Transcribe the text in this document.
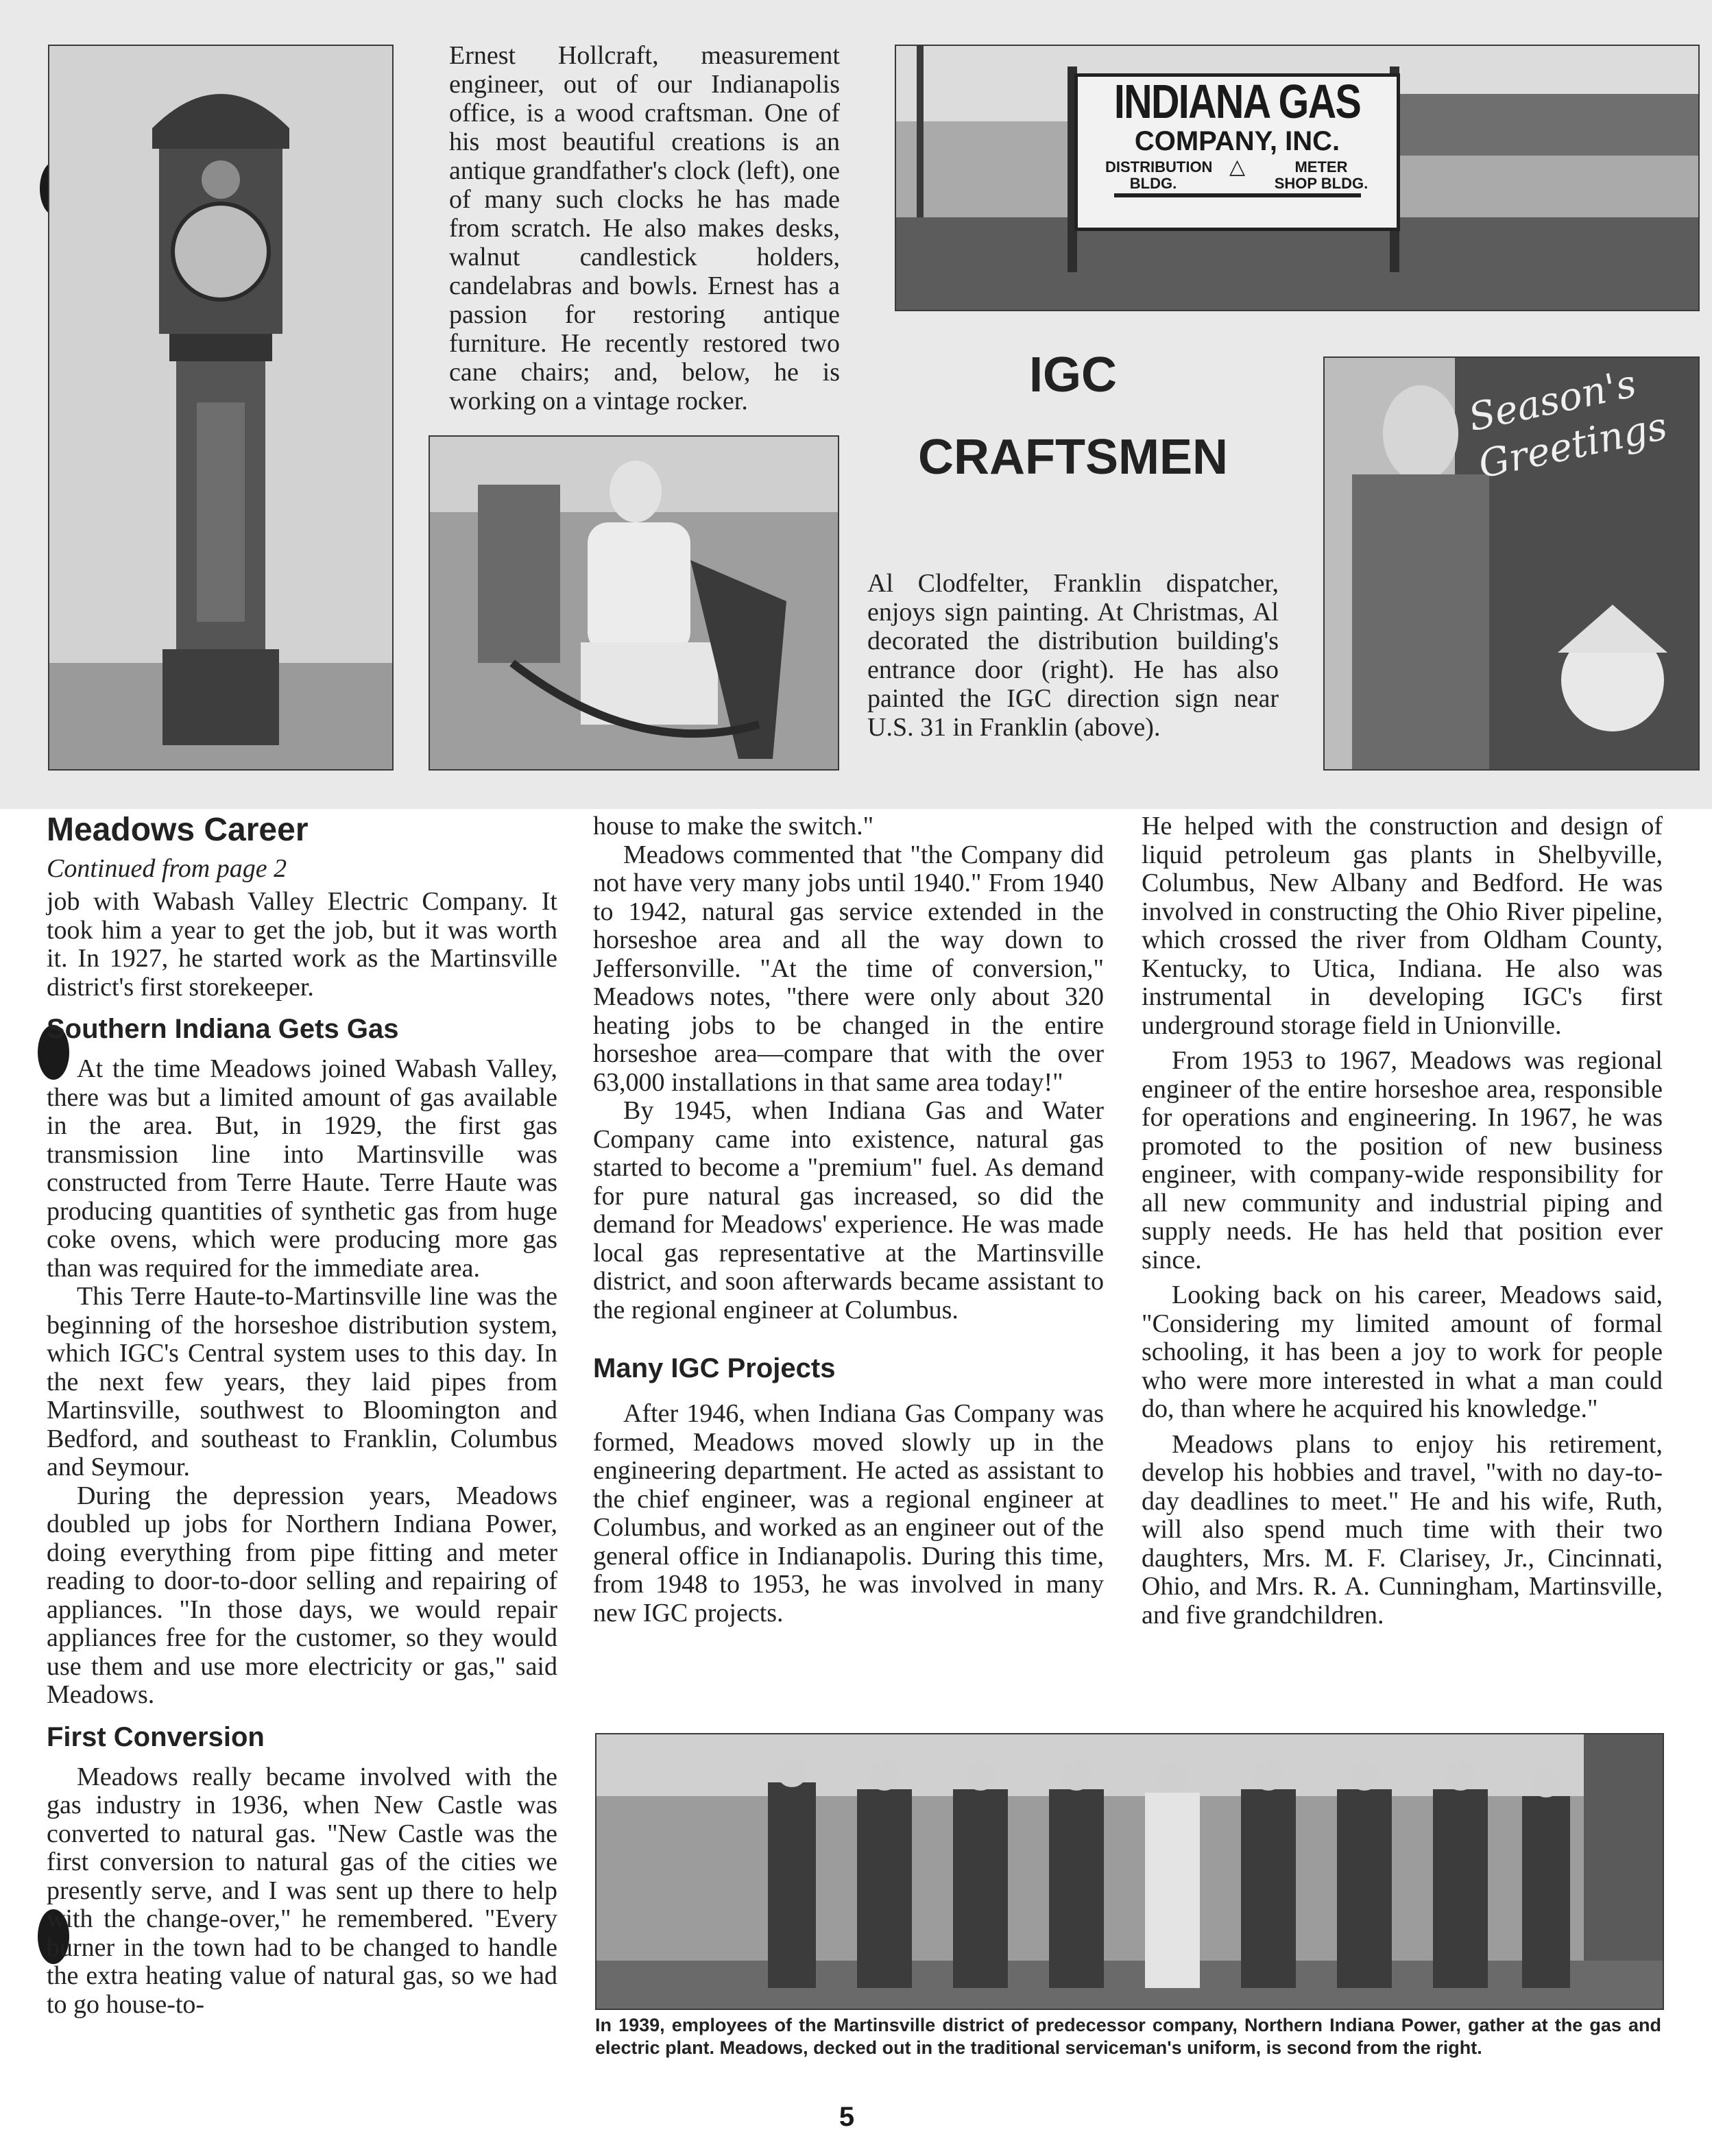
Ernest Hollcraft, measurement engineer, out of our Indianapolis office, is a wood craftsman. One of his most beautiful creations is an antique grandfather's clock (left), one of many such clocks he has made from scratch. He also makes desks, walnut candlestick holders, candelabras and bowls. Ernest has a passion for restoring antique furniture. He recently restored two cane chairs; and, below, he is working on a vintage rocker.
INDIANA GAS
COMPANY, INC.
DISTRIBUTION BLDG.
△	METER SHOP BLDG.
IGC
CRAFTSMEN
Al Clodfelter, Franklin dispatcher, enjoys sign painting. At Christmas, Al decorated the distribution building's entrance door (right). He has also painted the IGC direction sign near U.S. 31 in Franklin (above).
Season's Greetings
Meadows Career
Continued from page 2

job with Wabash Valley Electric Company. It took him a year to get the job, but it was worth it. In 1927, he started work as the Martinsville district's first storekeeper.

Southern Indiana Gets Gas

At the time Meadows joined Wabash Valley, there was but a limited amount of gas available in the area. But, in 1929, the first gas transmission line into Martinsville was constructed from Terre Haute. Terre Haute was producing quantities of synthetic gas from huge coke ovens, which were producing more gas than was required for the immediate area.

This Terre Haute-to-Martinsville line was the beginning of the horseshoe distribution system, which IGC's Central system uses to this day. In the next few years, they laid pipes from Martinsville, southwest to Bloomington and Bedford, and southeast to Franklin, Columbus and Seymour.

During the depression years, Meadows doubled up jobs for Northern Indiana Power, doing everything from pipe fitting and meter reading to door-to-door selling and repairing of appliances. "In those days, we would repair appliances free for the customer, so they would use them and use more electricity or gas," said Meadows.

First Conversion

Meadows really became involved with the gas industry in 1936, when New Castle was converted to natural gas. "New Castle was the first conversion to natural gas of the cities we presently serve, and I was sent up there to help with the change-over," he remembered. "Every burner in the town had to be changed to handle the extra heating value of natural gas, so we had to go house-to-

house to make the switch."

Meadows commented that "the Company did not have very many jobs until 1940." From 1940 to 1942, natural gas service extended in the horseshoe area and all the way down to Jeffersonville. "At the time of conversion," Meadows notes, "there were only about 320 heating jobs to be changed in the entire horseshoe area—compare that with the over 63,000 installations in that same area today!"

By 1945, when Indiana Gas and Water Company came into existence, natural gas started to become a "premium" fuel. As demand for pure natural gas increased, so did the demand for Meadows' experience. He was made local gas representative at the Martinsville district, and soon afterwards became assistant to the regional engineer at Columbus.

Many IGC Projects

After 1946, when Indiana Gas Company was formed, Meadows moved slowly up in the engineering department. He acted as assistant to the chief engineer, was a regional engineer at Columbus, and worked as an engineer out of the general office in Indianapolis. During this time, from 1948 to 1953, he was involved in many new IGC projects.

He helped with the construction and design of liquid petroleum gas plants in Shelbyville, Columbus, New Albany and Bedford. He was involved in constructing the Ohio River pipeline, which crossed the river from Oldham County, Kentucky, to Utica, Indiana. He also was instrumental in developing IGC's first underground storage field in Unionville.

From 1953 to 1967, Meadows was regional engineer of the entire horseshoe area, responsible for operations and engineering. In 1967, he was promoted to the position of new business engineer, with company-wide responsibility for all new community and industrial piping and supply needs. He has held that position ever since.

Looking back on his career, Meadows said, "Considering my limited amount of formal schooling, it has been a joy to work for people who were more interested in what a man could do, than where he acquired his knowledge."

Meadows plans to enjoy his retirement, develop his hobbies and travel, "with no day-to-day deadlines to meet." He and his wife, Ruth, will also spend much time with their two daughters, Mrs. M. F. Clarisey, Jr., Cincinnati, Ohio, and Mrs. R. A. Cunningham, Martinsville, and five grandchildren.

In 1939, employees of the Martinsville district of predecessor company, Northern Indiana Power, gather at the gas and electric plant. Meadows, decked out in the traditional serviceman's uniform, is second from the right.
5
